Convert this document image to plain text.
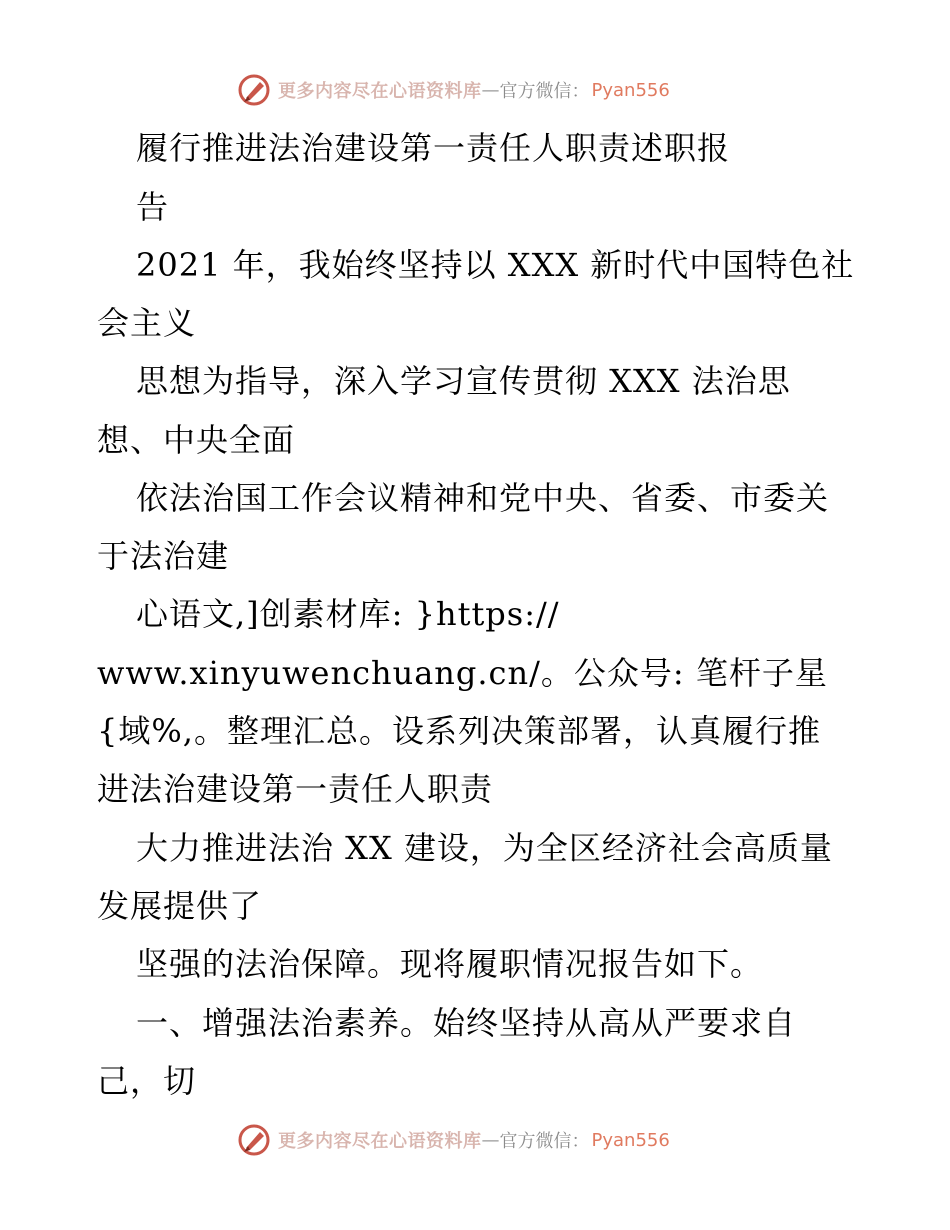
更多内容尽在心语资料库 — 官方微信： Pyan556
履行推进法治建设第一责任人职责述职报
告
2021 年，我始终坚持以 XXX 新时代中国特色社
会主义
思想为指导，深入学习宣传贯彻 XXX 法治思
想、中央全面
依法治国工作会议精神和党中央、省委、市委关
于法治建
心语文,]创素材库: }https://
www.xinyuwenchuang.cn/。公众号: 笔杆子星
{域%,。整理汇总。设系列决策部署，认真履行推
进法治建设第一责任人职责
大力推进法治 XX 建设，为全区经济社会高质量
发展提供了
坚强的法治保障。现将履职情况报告如下。
一、增强法治素养。始终坚持从高从严要求自
己，切
更多内容尽在心语资料库 — 官方微信： Pyan556
